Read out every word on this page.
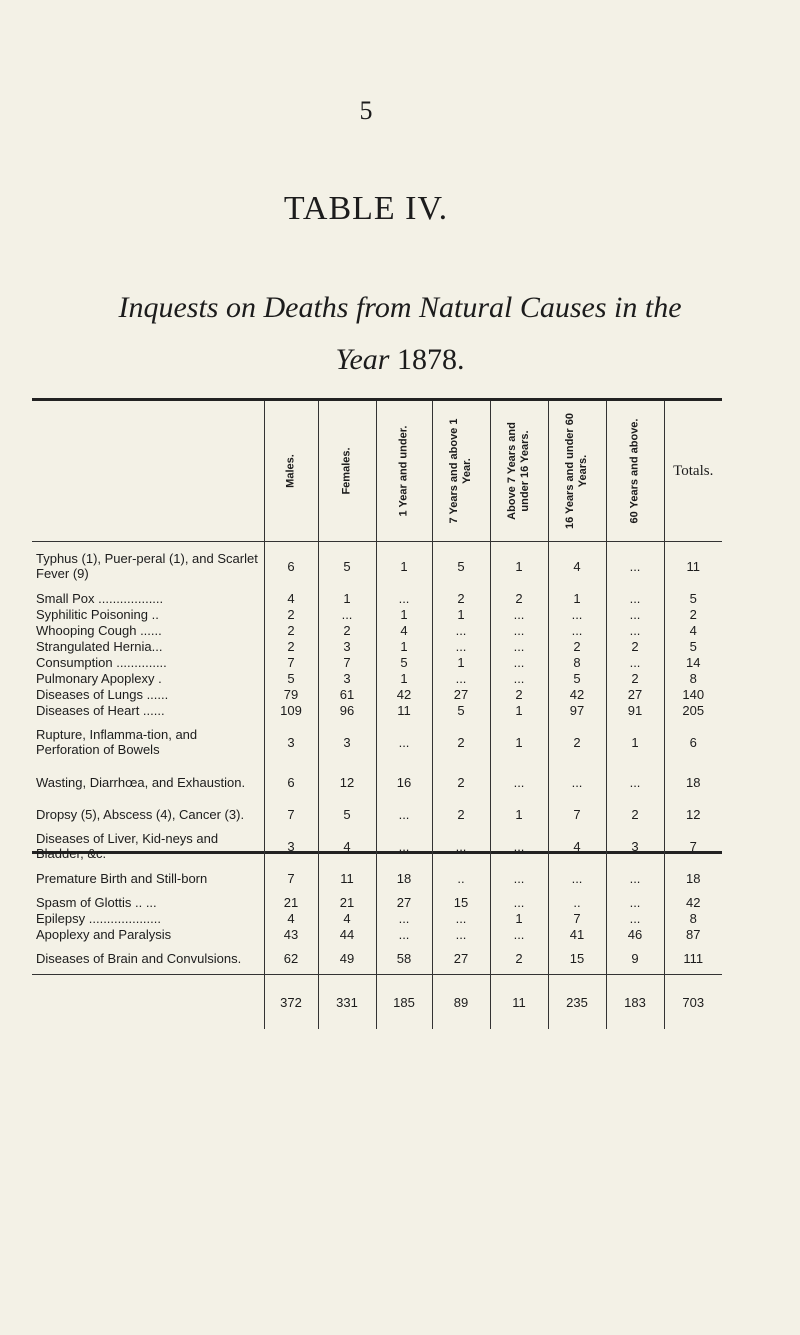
5
TABLE IV.
Inquests on Deaths from Natural Causes in the
Year 1878.

	Males.	Females.	1 Year and under.	7 Years and above 1 Year.	Above 7 Years and under 16 Years.	16 Years and under 60 Years.	60 Years and above.	Totals.
Typhus (1), Puer-peral (1), and Scarlet Fever (9)	6	5	1	5	1	4	...	11
Small Pox ..................	4	1	...	2	2	1	...	5
Syphilitic Poisoning ..	2	...	1	1	...	...	...	2
Whooping Cough ......	2	2	4	...	...	...	...	4
Strangulated Hernia...	2	3	1	...	...	2	2	5
Consumption ..............	7	7	5	1	...	8	...	14
Pulmonary Apoplexy .	5	3	1	...	...	5	2	8
Diseases of Lungs ......	79	61	42	27	2	42	27	140
Diseases of Heart ......	109	96	11	5	1	97	91	205
Rupture, Inflamma-tion, and Perforation of Bowels	3	3	...	2	1	2	1	6
Wasting, Diarrhœa, and Exhaustion.	6	12	16	2	...	...	...	18
Dropsy (5), Abscess (4), Cancer (3).	7	5	...	2	1	7	2	12
Diseases of Liver, Kid-neys and Bladder, &c.	3	4	...	...	...	4	3	7
Premature Birth and Still-born	7	11	18	..	...	...	...	18
Spasm of Glottis .. ...	21	21	27	15	...	..	...	42
Epilepsy ....................	4	4	...	...	1	7	...	8
Apoplexy and Paralysis	43	44	...	...	...	41	46	87
Diseases of Brain and Convulsions.	62	49	58	27	2	15	9	111
	372	331	185	89	11	235	183	703
